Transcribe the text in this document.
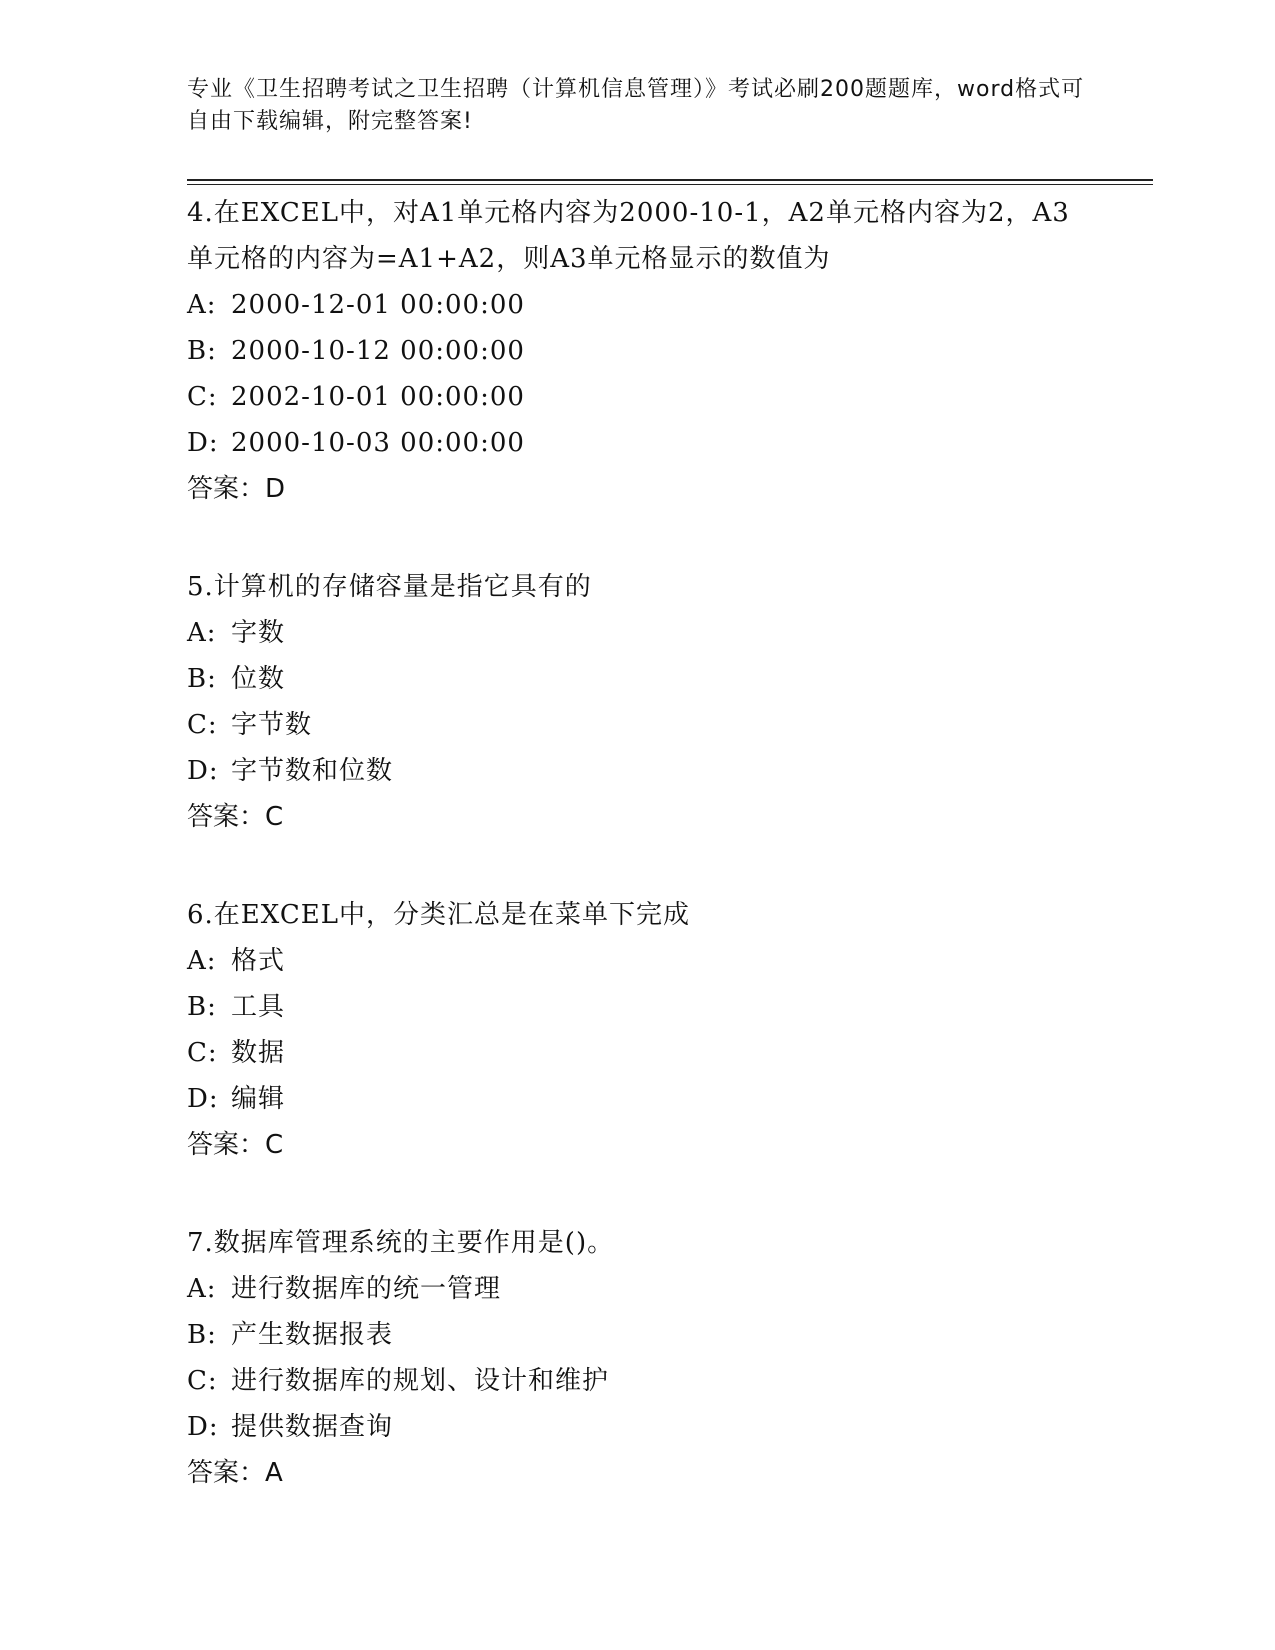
专业《卫生招聘考试之卫生招聘（计算机信息管理）》考试必刷200题题库，word格式可自由下载编辑，附完整答案!
4.在EXCEL中，对A1单元格内容为2000-10-1，A2单元格内容为2，A3单元格的内容为=A1+A2，则A3单元格显示的数值为
A: 2000-12-01 00:00:00
B: 2000-10-12 00:00:00
C: 2002-10-01 00:00:00
D: 2000-10-03 00:00:00
答案：D
5.计算机的存储容量是指它具有的
A: 字数
B: 位数
C: 字节数
D: 字节数和位数
答案：C
6.在EXCEL中，分类汇总是在菜单下完成
A: 格式
B: 工具
C: 数据
D: 编辑
答案：C
7.数据库管理系统的主要作用是()。
A: 进行数据库的统一管理
B: 产生数据报表
C: 进行数据库的规划、设计和维护
D: 提供数据查询
答案：A
